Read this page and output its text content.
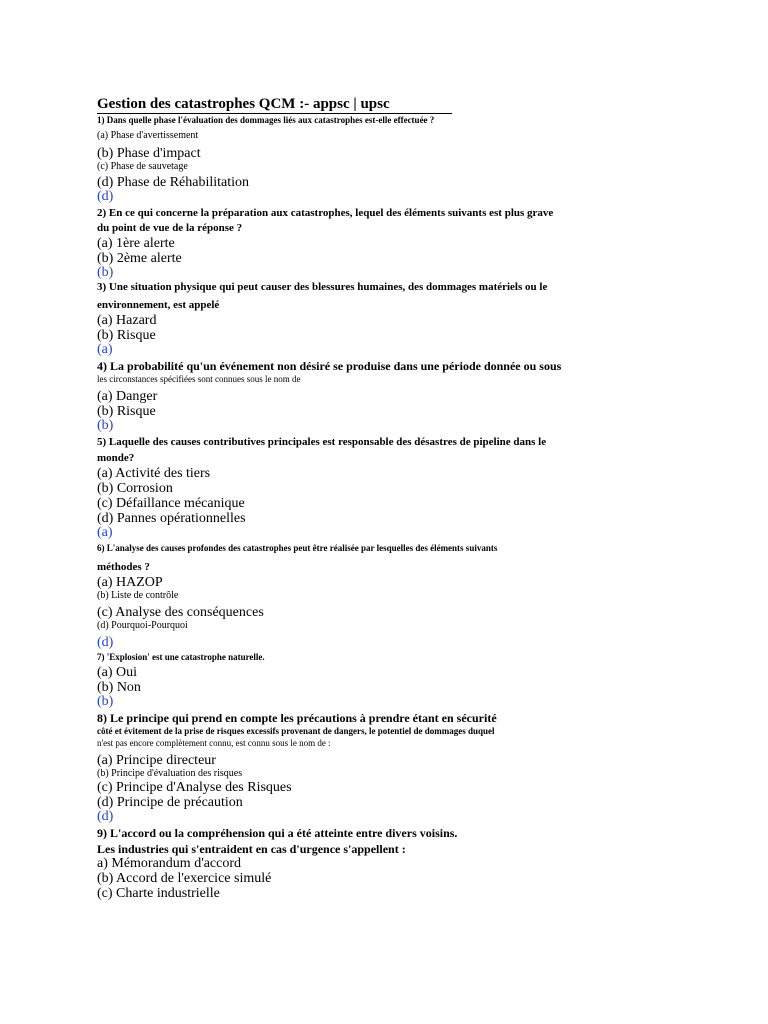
Gestion des catastrophes QCM :- appsc | upsc

1) Dans quelle phase l'évaluation des dommages liés aux catastrophes est-elle effectuée ?

(a) Phase d'avertissement

(b) Phase d'impact

(c) Phase de sauvetage

(d) Phase de Réhabilitation

(d)

2) En ce qui concerne la préparation aux catastrophes, lequel des éléments suivants est plus grave

du point de vue de la réponse ?

(a) 1ère alerte

(b) 2ème alerte

(b)

3) Une situation physique qui peut causer des blessures humaines, des dommages matériels ou le

environnement, est appelé

(a) Hazard

(b) Risque

(a)

4) La probabilité qu'un événement non désiré se produise dans une période donnée ou sous

les circonstances spécifiées sont connues sous le nom de

(a) Danger

(b) Risque

(b)

5) Laquelle des causes contributives principales est responsable des désastres de pipeline dans le

monde?

(a) Activité des tiers

(b) Corrosion

(c) Défaillance mécanique

(d) Pannes opérationnelles

(a)

6) L'analyse des causes profondes des catastrophes peut être réalisée par lesquelles des éléments suivants

méthodes ?

(a) HAZOP

(b) Liste de contrôle

(c) Analyse des conséquences

(d) Pourquoi-Pourquoi

(d)

7) 'Explosion' est une catastrophe naturelle.

(a) Oui

(b) Non

(b)

8) Le principe qui prend en compte les précautions à prendre étant en sécurité

côté et évitement de la prise de risques excessifs provenant de dangers, le potentiel de dommages duquel

n'est pas encore complètement connu, est connu sous le nom de :

(a) Principe directeur

(b) Principe d'évaluation des risques

(c) Principe d'Analyse des Risques

(d) Principe de précaution

(d)

9) L'accord ou la compréhension qui a été atteinte entre divers voisins.

Les industries qui s'entraident en cas d'urgence s'appellent :

a) Mémorandum d'accord

(b) Accord de l'exercice simulé

(c) Charte industrielle
